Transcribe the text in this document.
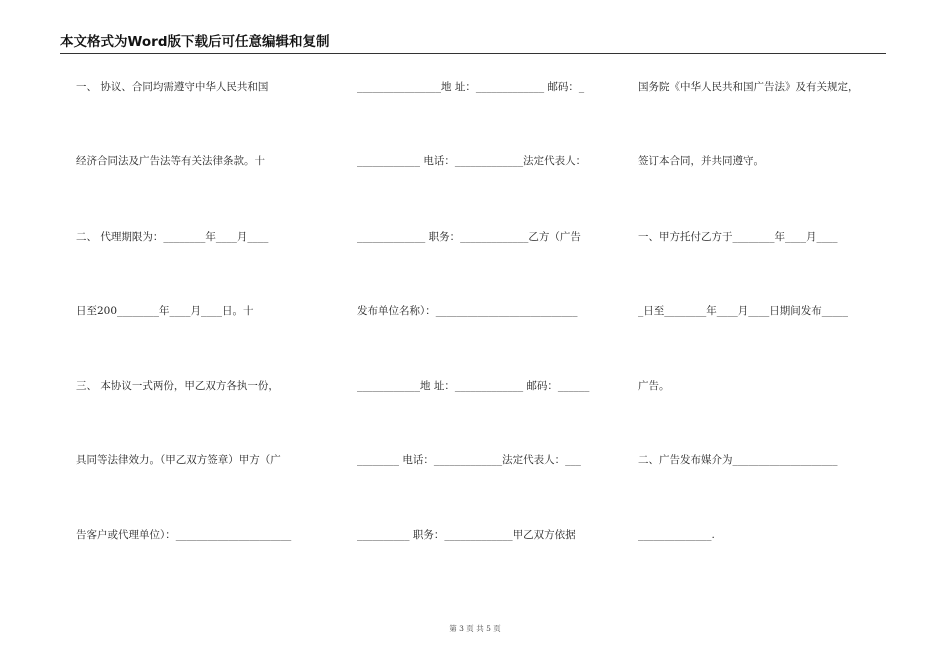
本文格式为Word版下载后可任意编辑和复制
一、 协议、合同均需遵守中华人民共和国
经济合同法及广告法等有关法律条款。十
二、 代理期限为：________年____月____
日至200________年____月____日。十
三、 本协议一式两份，甲乙双方各执一份，
具同等法律效力。（甲乙双方签章）甲方（广
告客户或代理单位）：______________________
________________地 址：_____________ 邮码：_
____________ 电话：_____________法定代表人：
_____________ 职务：_____________乙方（广告
发布单位名称）：___________________________
____________地 址：_____________ 邮码：______
________ 电话：_____________法定代表人：___
__________ 职务：_____________甲乙双方依据
国务院《中华人民共和国广告法》及有关规定，
签订本合同，并共同遵守。
一、甲方托付乙方于________年____月____
_日至________年____月____日期间发布_____
广告。
二、广告发布媒介为____________________
______________.
第 3 页 共 5 页
